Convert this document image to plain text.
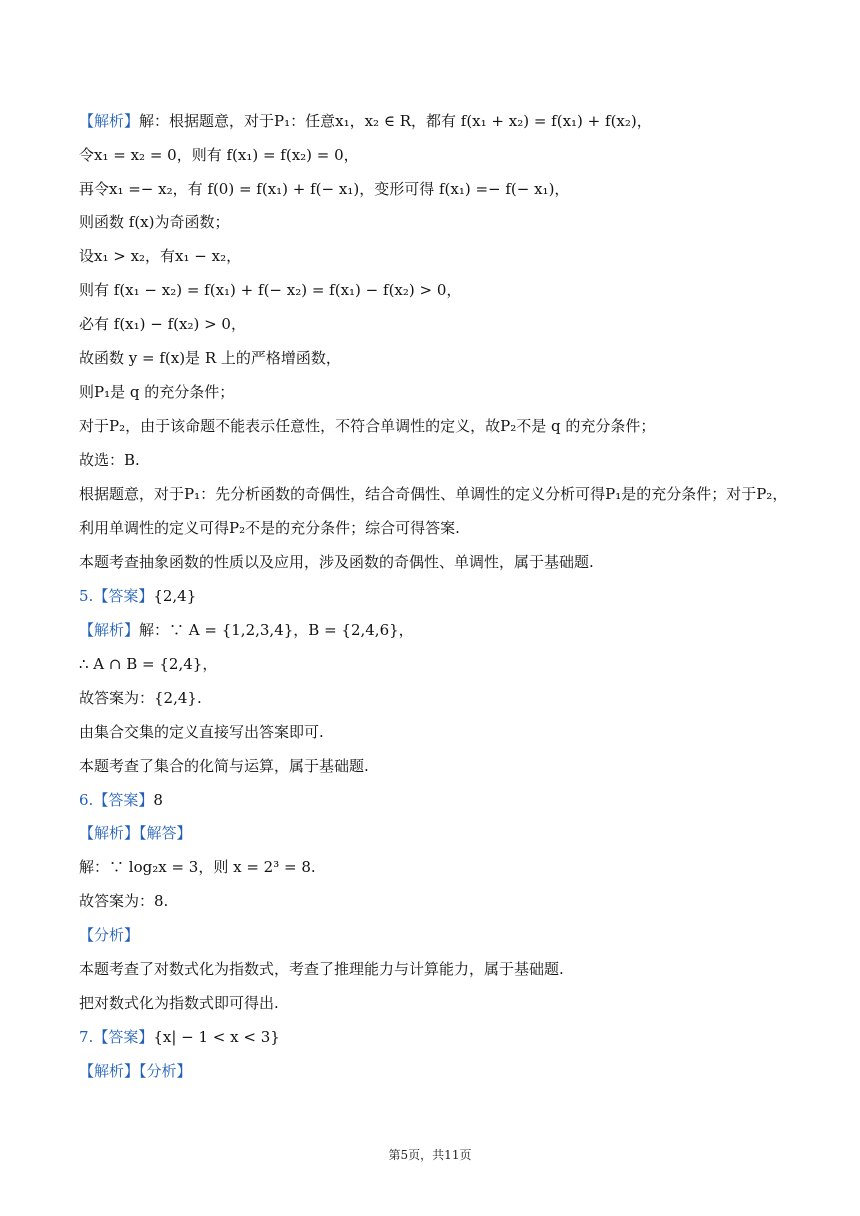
【解析】解：根据题意，对于P₁：任意x₁，x₂ ∈ R，都有 f(x₁ + x₂) = f(x₁) + f(x₂)，
令x₁ = x₂ = 0，则有 f(x₁) = f(x₂) = 0，
再令x₁ =− x₂，有 f(0) = f(x₁) + f(− x₁)，变形可得 f(x₁) =− f(− x₁)，
则函数 f(x)为奇函数；
设x₁ > x₂，有x₁ − x₂，
则有 f(x₁ − x₂) = f(x₁) + f(− x₂) = f(x₁) − f(x₂) > 0，
必有 f(x₁) − f(x₂) > 0，
故函数 y = f(x)是 R 上的严格增函数，
则P₁是 q 的充分条件；
对于P₂，由于该命题不能表示任意性，不符合单调性的定义，故P₂不是 q 的充分条件；
故选：B.
根据题意，对于P₁：先分析函数的奇偶性，结合奇偶性、单调性的定义分析可得P₁是的充分条件；对于P₂，
利用单调性的定义可得P₂不是的充分条件；综合可得答案.
本题考查抽象函数的性质以及应用，涉及函数的奇偶性、单调性，属于基础题.
5.【答案】{2,4}
【解析】解：∵ A = {1,2,3,4}，B = {2,4,6}，
∴ A ∩ B = {2,4}，
故答案为：{2,4}.
由集合交集的定义直接写出答案即可.
本题考查了集合的化简与运算，属于基础题.
6.【答案】8
【解析】【解答】
解：∵ log₂x = 3，则 x = 2³ = 8.
故答案为：8.
【分析】
本题考查了对数式化为指数式，考查了推理能力与计算能力，属于基础题.
把对数式化为指数式即可得出.
7.【答案】{x| − 1 < x < 3}
【解析】【分析】
第5页，共11页
